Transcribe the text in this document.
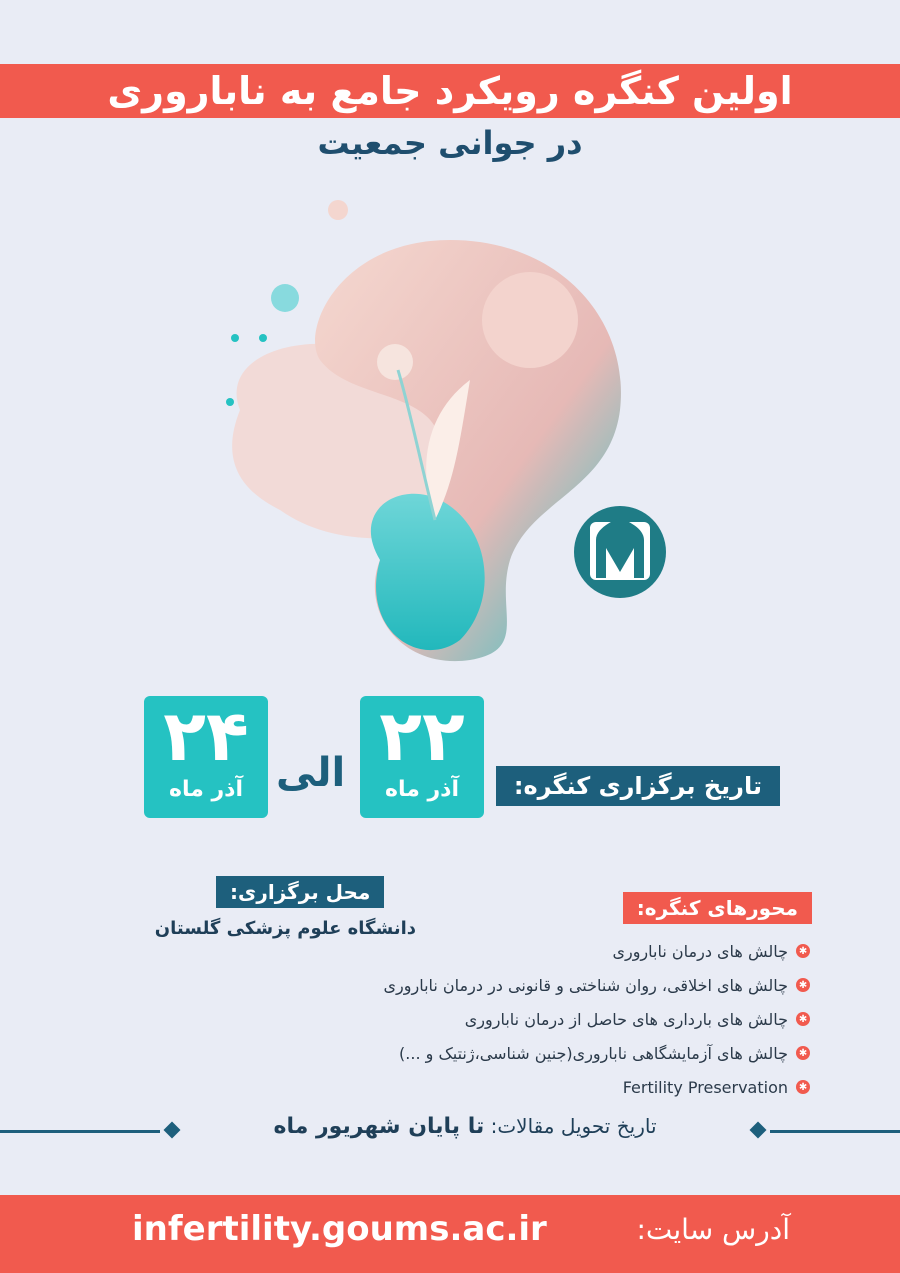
اولین کنگره رویکرد جامع به ناباروری
در جوانی جمعیت
۲۴
آذر ماه الی ۲۲
آذر ماه	تاریخ برگزاری کنگره:
محل برگزاری:
دانشگاه علوم پزشکی گلستان
محورهای کنگره:
✱
چالش های درمان ناباروری
✱
چالش های اخلاقی، روان شناختی و قانونی در درمان ناباروری
✱
چالش های بارداری های حاصل از درمان ناباروری
✱
چالش های آزمایشگاهی ناباروری(جنین شناسی،ژنتیک و ...)
✱
Fertility Preservation
تاریخ تحویل مقالات: تا پایان شهریور ماه
آدرس سایت:
infertility.goums.ac.ir
